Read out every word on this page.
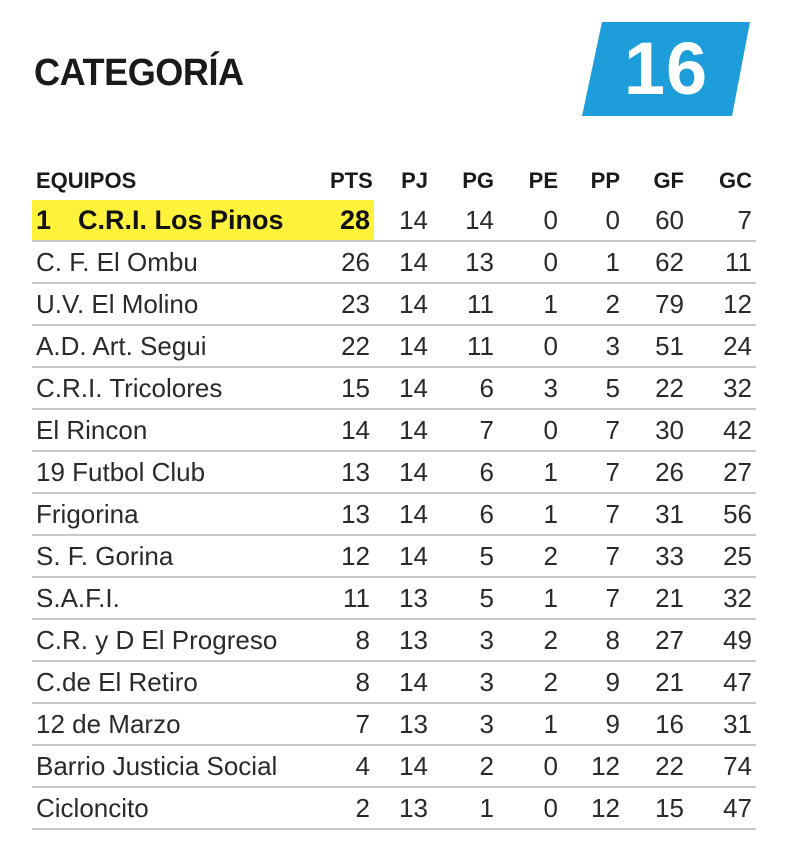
CATEGORÍA	16
EQUIPOS	PTS	PJ	PG	PE	PP	GF	GC
1 C.R.I. Los Pinos	28	14	14	0	0	60	7
C. F. El Ombu	26	14	13	0	1	62	11
U.V. El Molino	23	14	11	1	2	79	12
A.D. Art. Segui	22	14	11	0	3	51	24
C.R.I. Tricolores	15	14	6	3	5	22	32
El Rincon	14	14	7	0	7	30	42
19 Futbol Club	13	14	6	1	7	26	27
Frigorina	13	14	6	1	7	31	56
S. F. Gorina	12	14	5	2	7	33	25
S.A.F.I.	11	13	5	1	7	21	32
C.R. y D El Progreso	8	13	3	2	8	27	49
C.de El Retiro	8	14	3	2	9	21	47
12 de Marzo	7	13	3	1	9	16	31
Barrio Justicia Social	4	14	2	0	12	22	74
Cicloncito	2	13	1	0	12	15	47
